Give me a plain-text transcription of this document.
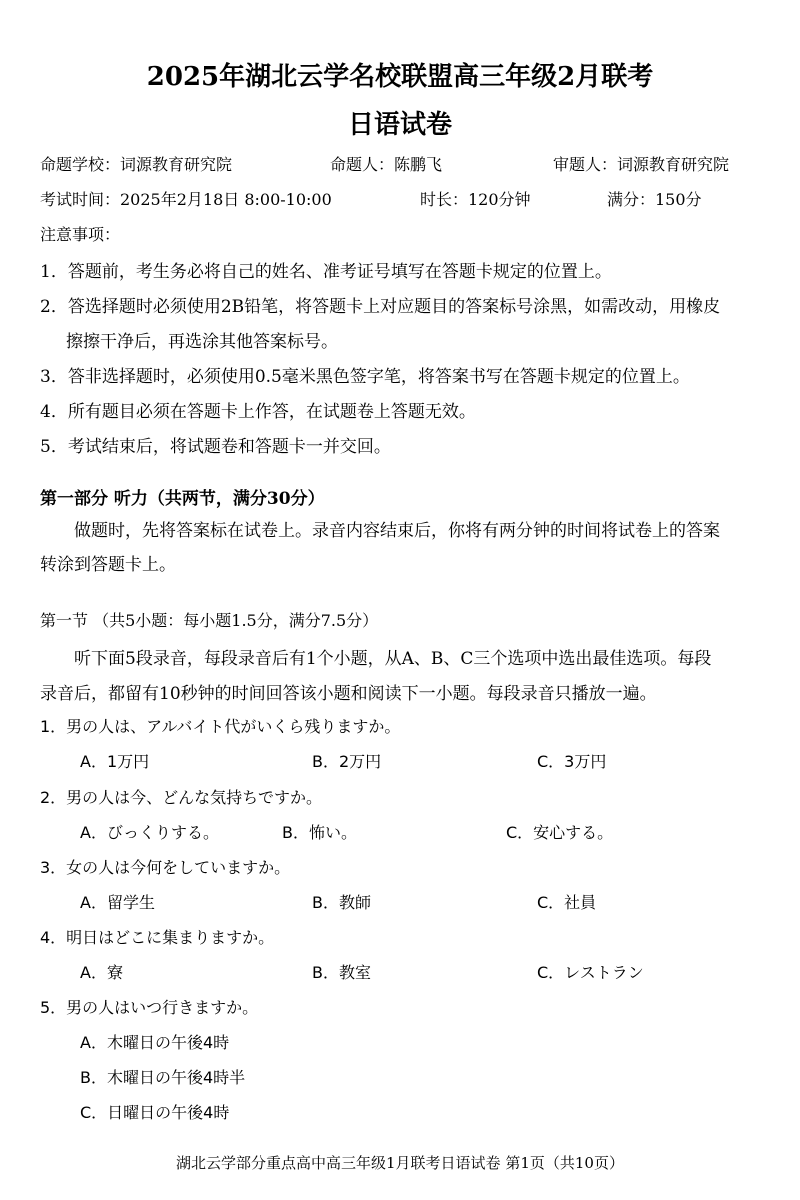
2025年湖北云学名校联盟高三年级2月联考
日语试卷
命题学校：词源教育研究院	命题人：陈鹏飞	审题人：词源教育研究院
考试时间：2025年2月18日 8:00-10:00	时长：120分钟	满分：150分
注意事项：
1．答题前，考生务必将自己的姓名、准考证号填写在答题卡规定的位置上。
2．答选择题时必须使用2B铅笔，将答题卡上对应题目的答案标号涂黑，如需改动，用橡皮
擦擦干净后，再选涂其他答案标号。
3．答非选择题时，必须使用0.5毫米黑色签字笔，将答案书写在答题卡规定的位置上。
4．所有题目必须在答题卡上作答，在试题卷上答题无效。
5．考试结束后，将试题卷和答题卡一并交回。
第一部分 听力（共两节，满分30分）
做题时，先将答案标在试卷上。录音内容结束后，你将有两分钟的时间将试卷上的答案
转涂到答题卡上。
第一节 （共5小题：每小题1.5分，满分7.5分）
听下面5段录音，每段录音后有1个小题，从A、B、C三个选项中选出最佳选项。每段
录音后，都留有10秒钟的时间回答该小题和阅读下一小题。每段录音只播放一遍。
1．男の人は、アルバイト代がいくら残りますか。
A．1万円	B．2万円	C．3万円
2．男の人は今、どんな気持ちですか。
A．びっくりする。	B．怖い。	C．安心する。
3．女の人は今何をしていますか。
A．留学生	B．教師	C．社員
4．明日はどこに集まりますか。
A．寮	B．教室	C．レストラン
5．男の人はいつ行きますか。
A．木曜日の午後4時
B．木曜日の午後4時半
C．日曜日の午後4時
湖北云学部分重点高中高三年级1月联考日语试卷 第1页（共10页）
